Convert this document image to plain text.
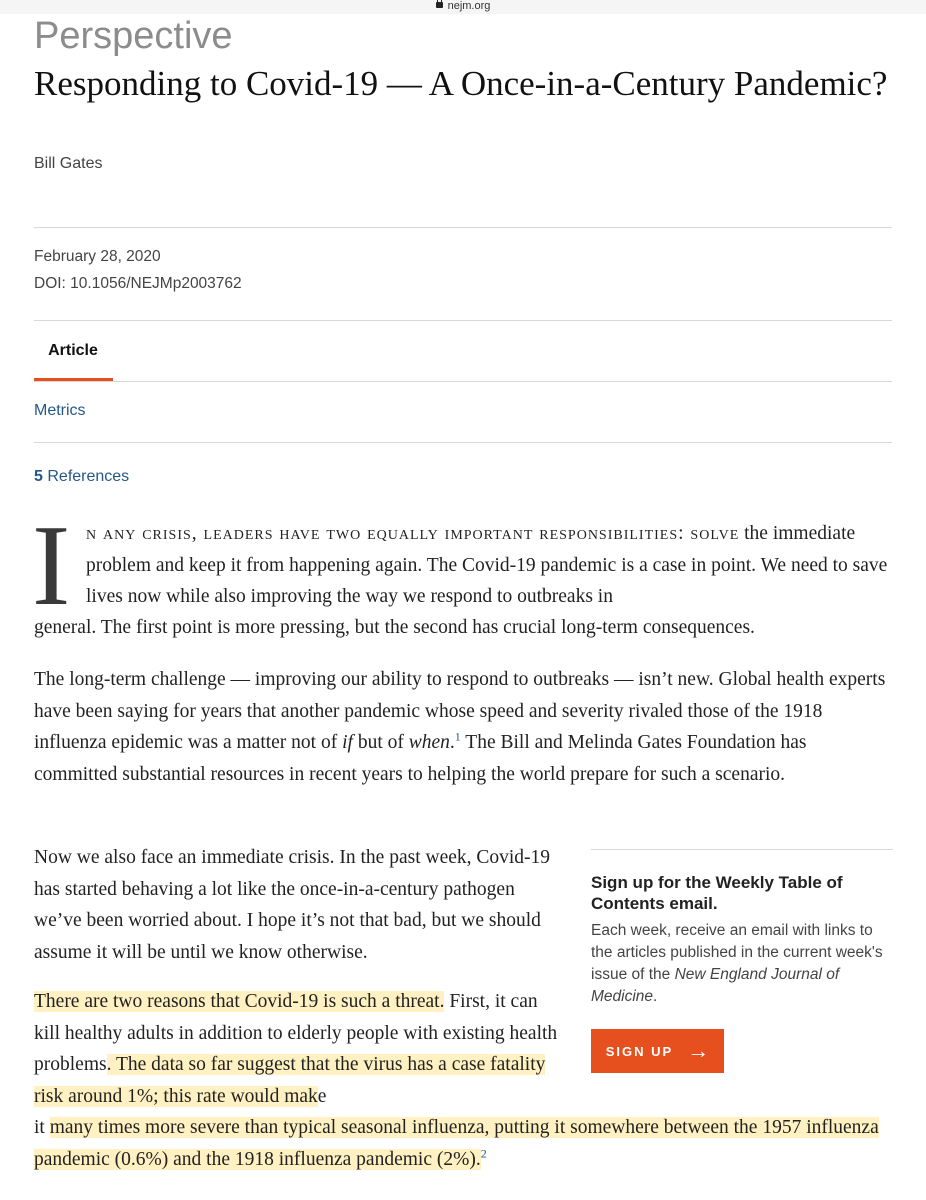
nejm.org
Perspective
Responding to Covid-19 — A Once-in-a-Century Pandemic?
Bill Gates
February 28, 2020
DOI: 10.1056/NEJMp2003762
Article
Metrics
5 References
I n any crisis, leaders have two equally important responsibilities: solve the immediate problem and keep it from happening again. The Covid-19 pandemic is a case in point. We need to save lives now while also improving the way we respond to outbreaks in
general. The first point is more pressing, but the second has crucial long-term consequences.
The long-term challenge — improving our ability to respond to outbreaks — isn’t new. Global health experts have been saying for years that another pandemic whose speed and severity rivaled those of the 1918 influenza epidemic was a matter not of if but of when.$^1$ The Bill and Melinda Gates Foundation has committed substantial resources in recent years to helping the world prepare for such a scenario.
Now we also face an immediate crisis. In the past week, Covid-19 has started behaving a lot like the once-in-a-century pathogen we’ve been worried about. I hope it’s not that bad, but we should assume it will be until we know otherwise.
There are two reasons that Covid-19 is such a threat. First, it can kill healthy adults in addition to elderly people with existing health problems. The data so far suggest that the virus has a case fatality risk around 1%; this rate would make
it many times more severe than typical seasonal influenza, putting it somewhere between the 1957 influenza pandemic (0.6%) and the 1918 influenza pandemic (2%).$^2$
Sign up for the Weekly Table of Contents email.

Each week, receive an email with links to the articles published in the current week's issue of the New England Journal of Medicine.

SIGN UP →
